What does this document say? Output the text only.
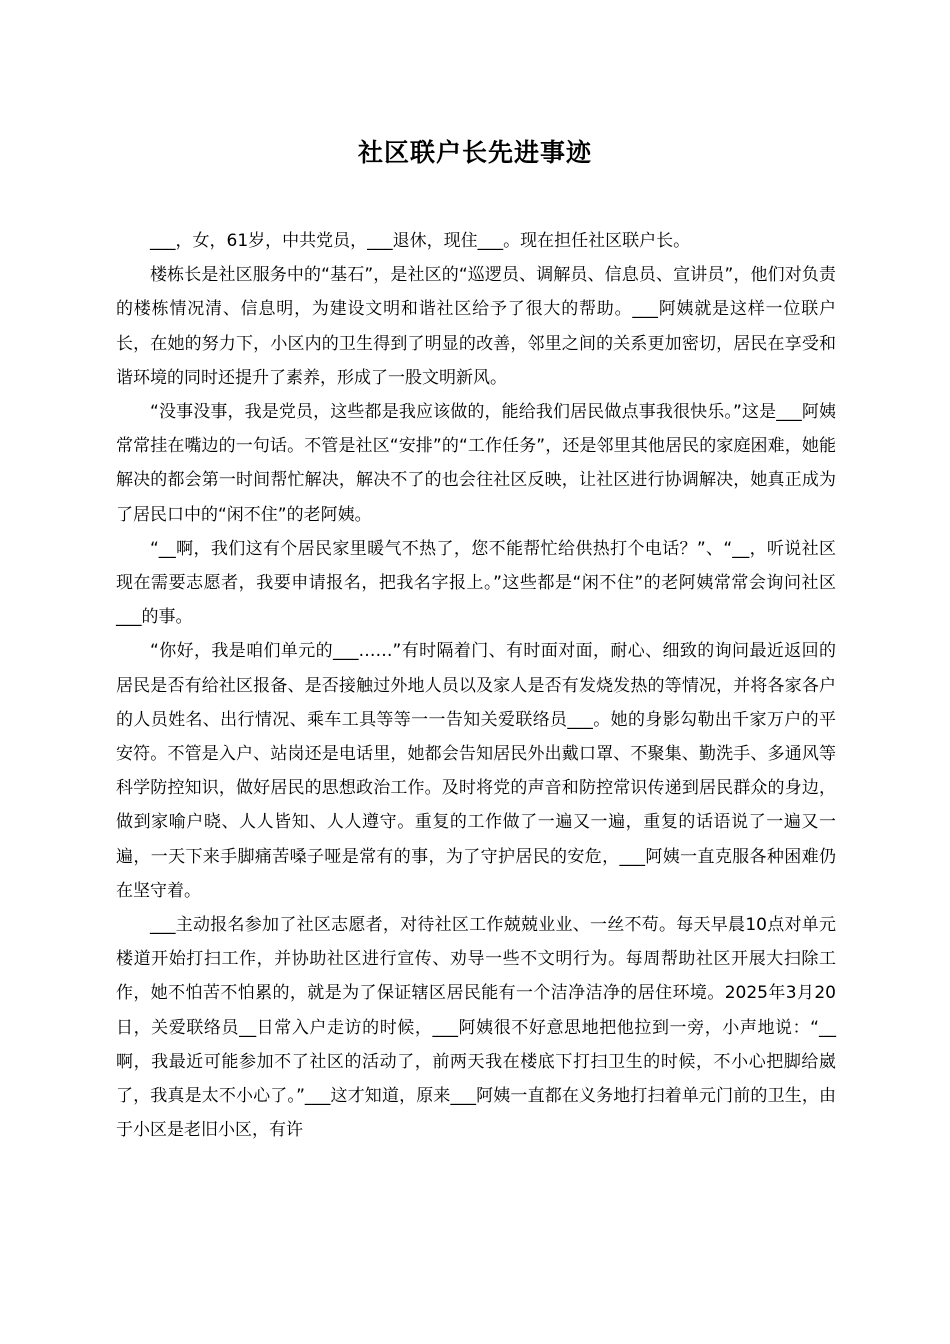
社区联户长先进事迹

___，女，61岁，中共党员，___退休，现住___。现在担任社区联户长。

楼栋长是社区服务中的“基石”，是社区的“巡逻员、调解员、信息员、宣讲员”，他们对负责的楼栋情况清、信息明，为建设文明和谐社区给予了很大的帮助。___阿姨就是这样一位联户长，在她的努力下，小区内的卫生得到了明显的改善，邻里之间的关系更加密切，居民在享受和谐环境的同时还提升了素养，形成了一股文明新风。

“没事没事，我是党员，这些都是我应该做的，能给我们居民做点事我很快乐。”这是___阿姨常常挂在嘴边的一句话。不管是社区“安排”的“工作任务”，还是邻里其他居民的家庭困难，她能解决的都会第一时间帮忙解决，解决不了的也会往社区反映，让社区进行协调解决，她真正成为了居民口中的“闲不住”的老阿姨。

“__啊，我们这有个居民家里暖气不热了，您不能帮忙给供热打个电话？”、“__，听说社区现在需要志愿者，我要申请报名，把我名字报上。”这些都是“闲不住”的老阿姨常常会询问社区___的事。

“你好，我是咱们单元的___……”有时隔着门、有时面对面，耐心、细致的询问最近返回的居民是否有给社区报备、是否接触过外地人员以及家人是否有发烧发热的等情况，并将各家各户的人员姓名、出行情况、乘车工具等等一一告知关爱联络员___。她的身影勾勒出千家万户的平安符。不管是入户、站岗还是电话里，她都会告知居民外出戴口罩、不聚集、勤洗手、多通风等科学防控知识，做好居民的思想政治工作。及时将党的声音和防控常识传递到居民群众的身边，做到家喻户晓、人人皆知、人人遵守。重复的工作做了一遍又一遍，重复的话语说了一遍又一遍，一天下来手脚痛苦嗓子哑是常有的事，为了守护居民的安危，___阿姨一直克服各种困难仍在坚守着。

___主动报名参加了社区志愿者，对待社区工作兢兢业业、一丝不苟。每天早晨10点对单元楼道开始打扫工作，并协助社区进行宣传、劝导一些不文明行为。每周帮助社区开展大扫除工作，她不怕苦不怕累的，就是为了保证辖区居民能有一个洁净洁净的居住环境。2025年3月20日，关爱联络员__日常入户走访的时候，___阿姨很不好意思地把他拉到一旁，小声地说：“__啊，我最近可能参加不了社区的活动了，前两天我在楼底下打扫卫生的时候，不小心把脚给崴了，我真是太不小心了。”___这才知道，原来___阿姨一直都在义务地打扫着单元门前的卫生，由于小区是老旧小区，有许
